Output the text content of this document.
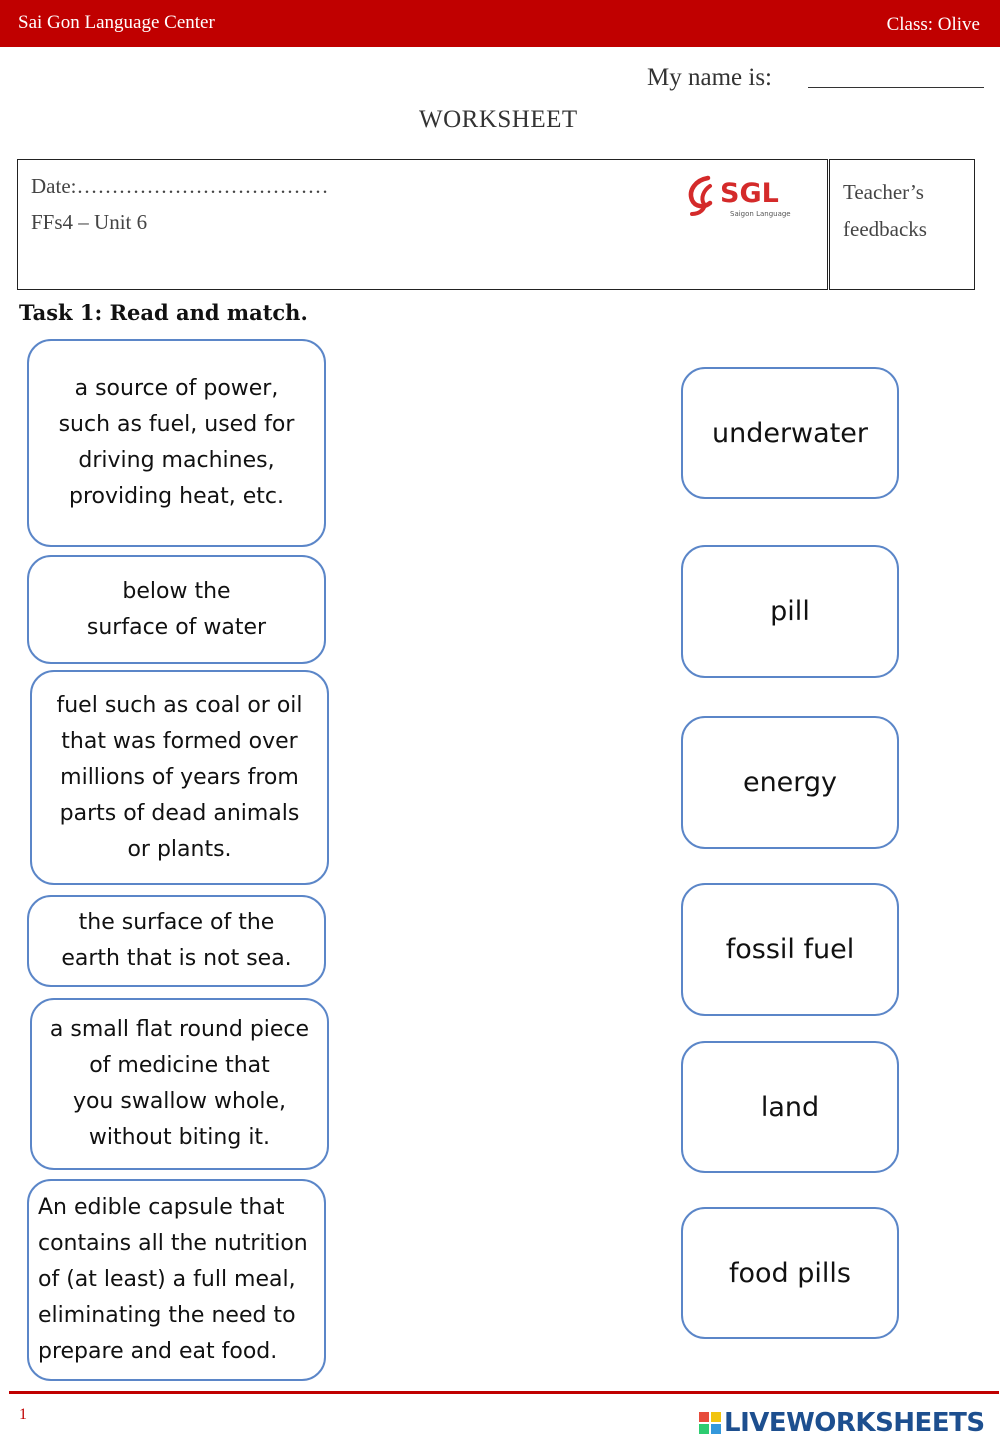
Sai Gon Language Center	Class: Olive
My name is:
WORKSHEET
Date:………………………………
FFs4 – Unit 6
SGL
Saigon Language
Teacher’s
feedbacks
Task 1: Read and match.
a source of power,
such as fuel, used for
driving machines,
providing heat, etc.
below the
surface of water
fuel such as coal or oil
that was formed over
millions of years from
parts of dead animals
or plants.
the surface of the
earth that is not sea.
a small flat round piece
of medicine that
you swallow whole,
without biting it.
An edible capsule that
contains all the nutrition
of (at least) a full meal,
eliminating the need to
prepare and eat food.
underwater
pill
energy
fossil fuel
land
food pills
1	LIVEWORKSHEETS
